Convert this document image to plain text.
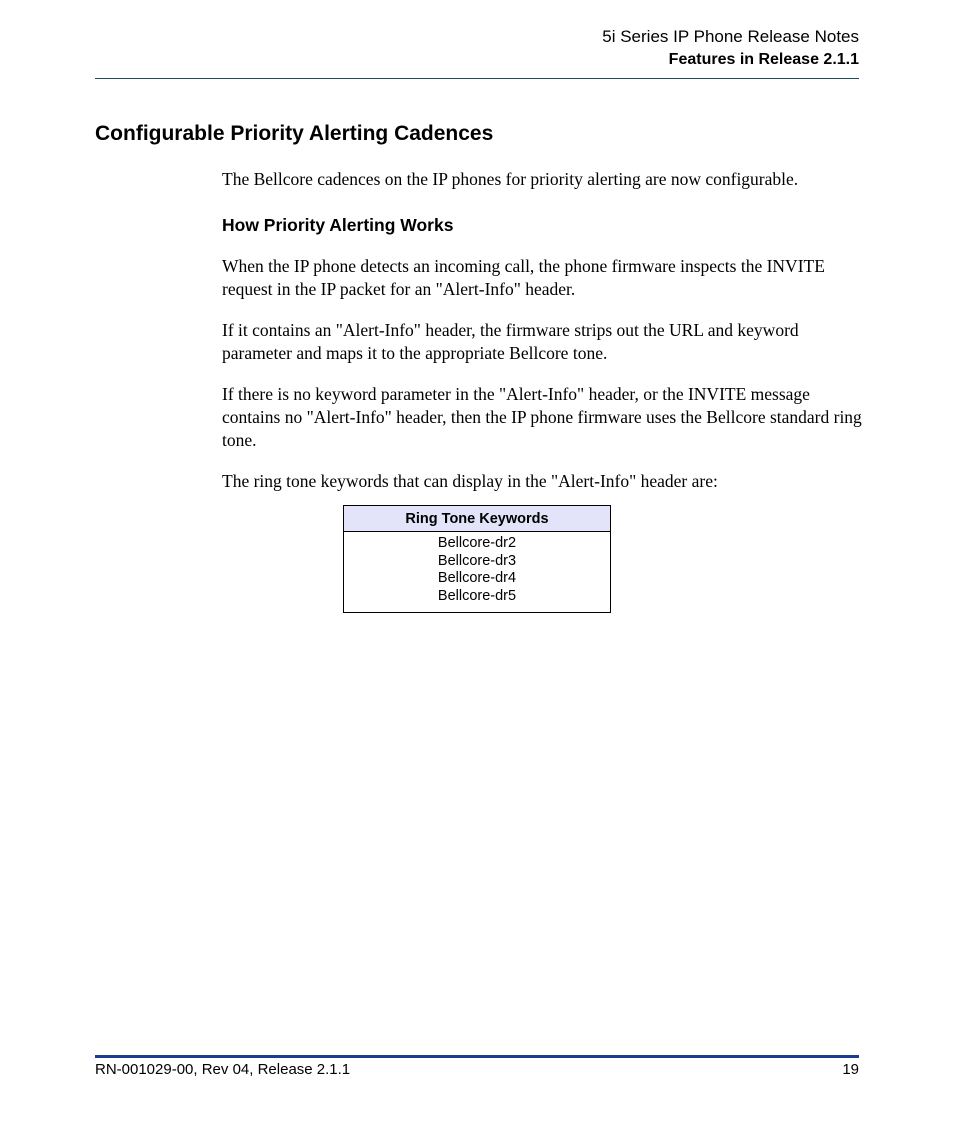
5i Series IP Phone Release Notes
Features in Release 2.1.1
Configurable Priority Alerting Cadences

The Bellcore cadences on the IP phones for priority alerting are now configurable.

How Priority Alerting Works

When the IP phone detects an incoming call, the phone firmware inspects the INVITE request in the IP packet for an "Alert-Info" header.

If it contains an "Alert-Info" header, the firmware strips out the URL and keyword parameter and maps it to the appropriate Bellcore tone.

If there is no keyword parameter in the "Alert-Info" header, or the INVITE message contains no "Alert-Info" header, then the IP phone firmware uses the Bellcore standard ring tone.

The ring tone keywords that can display in the "Alert-Info" header are:

Ring Tone Keywords

Bellcore-dr2
Bellcore-dr3
Bellcore-dr4
Bellcore-dr5
RN-001029-00, Rev 04, Release 2.1.1	19
